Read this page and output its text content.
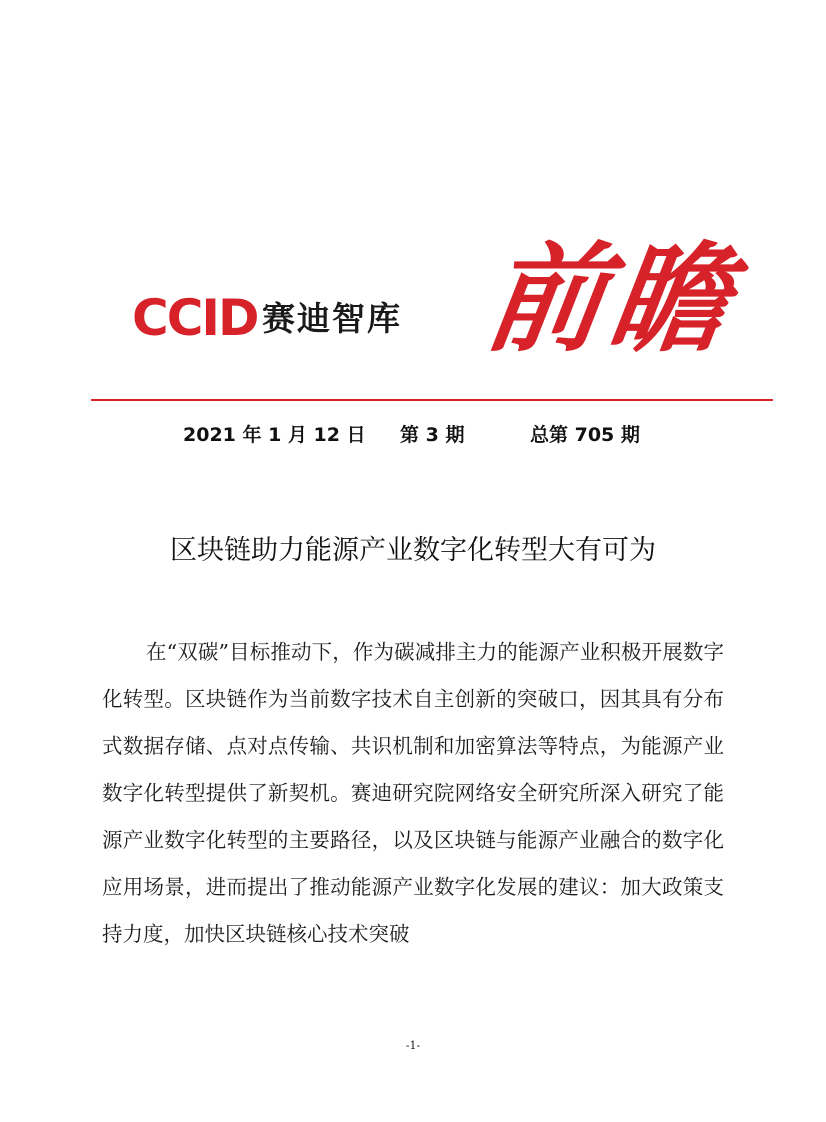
CCID 赛迪智库 前瞻
2021 年 1 月 12 日 第 3 期	总第 705 期
区块链助力能源产业数字化转型大有可为

在“双碳”目标推动下，作为碳减排主力的能源产业积极开展数字化转型。区块链作为当前数字技术自主创新的突破口，因其具有分布式数据存储、点对点传输、共识机制和加密算法等特点，为能源产业数字化转型提供了新契机。赛迪研究院网络安全研究所深入研究了能源产业数字化转型的主要路径，以及区块链与能源产业融合的数字化应用场景，进而提出了推动能源产业数字化发展的建议：加大政策支持力度，加快区块链核心技术突破

-1-
